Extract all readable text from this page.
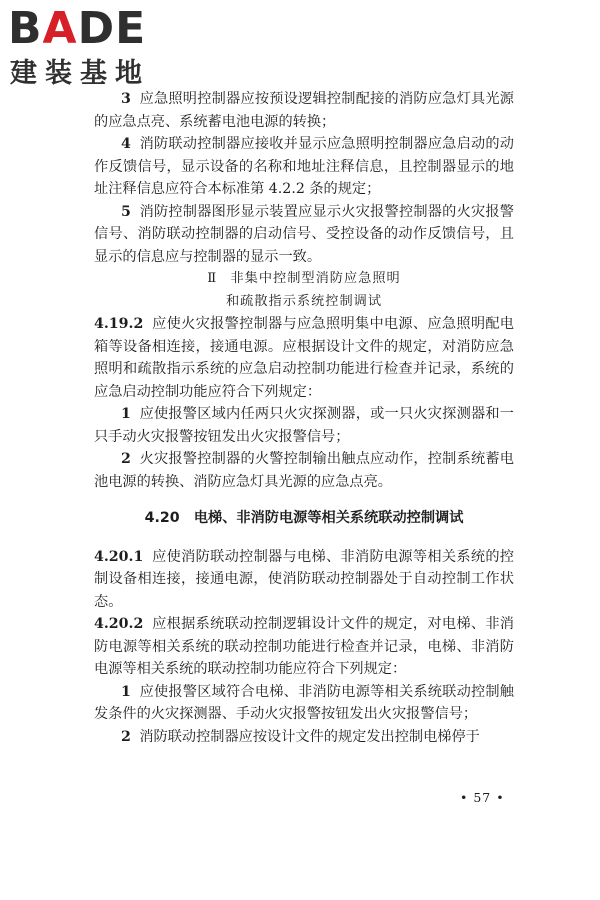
BADE
建装基地

3 应急照明控制器应按预设逻辑控制配接的消防应急灯具光源的应急点亮、系统蓄电池电源的转换；

4 消防联动控制器应接收并显示应急照明控制器应急启动的动作反馈信号，显示设备的名称和地址注释信息，且控制器显示的地址注释信息应符合本标准第 4.2.2 条的规定；

5 消防控制器图形显示装置应显示火灾报警控制器的火灾报警信号、消防联动控制器的启动信号、受控设备的动作反馈信号，且显示的信息应与控制器的显示一致。

Ⅱ 非集中控制型消防应急照明

和疏散指示系统控制调试

4.19.2 应使火灾报警控制器与应急照明集中电源、应急照明配电箱等设备相连接，接通电源。应根据设计文件的规定，对消防应急照明和疏散指示系统的应急启动控制功能进行检查并记录，系统的应急启动控制功能应符合下列规定：

1 应使报警区域内任两只火灾探测器，或一只火灾探测器和一只手动火灾报警按钮发出火灾报警信号；

2 火灾报警控制器的火警控制输出触点应动作，控制系统蓄电池电源的转换、消防应急灯具光源的应急点亮。

4.20 电梯、非消防电源等相关系统联动控制调试

4.20.1 应使消防联动控制器与电梯、非消防电源等相关系统的控制设备相连接，接通电源，使消防联动控制器处于自动控制工作状态。

4.20.2 应根据系统联动控制逻辑设计文件的规定，对电梯、非消防电源等相关系统的联动控制功能进行检查并记录，电梯、非消防电源等相关系统的联动控制功能应符合下列规定：

1 应使报警区域符合电梯、非消防电源等相关系统联动控制触发条件的火灾探测器、手动火灾报警按钮发出火灾报警信号；

2 消防联动控制器应按设计文件的规定发出控制电梯停于

• 57 •
